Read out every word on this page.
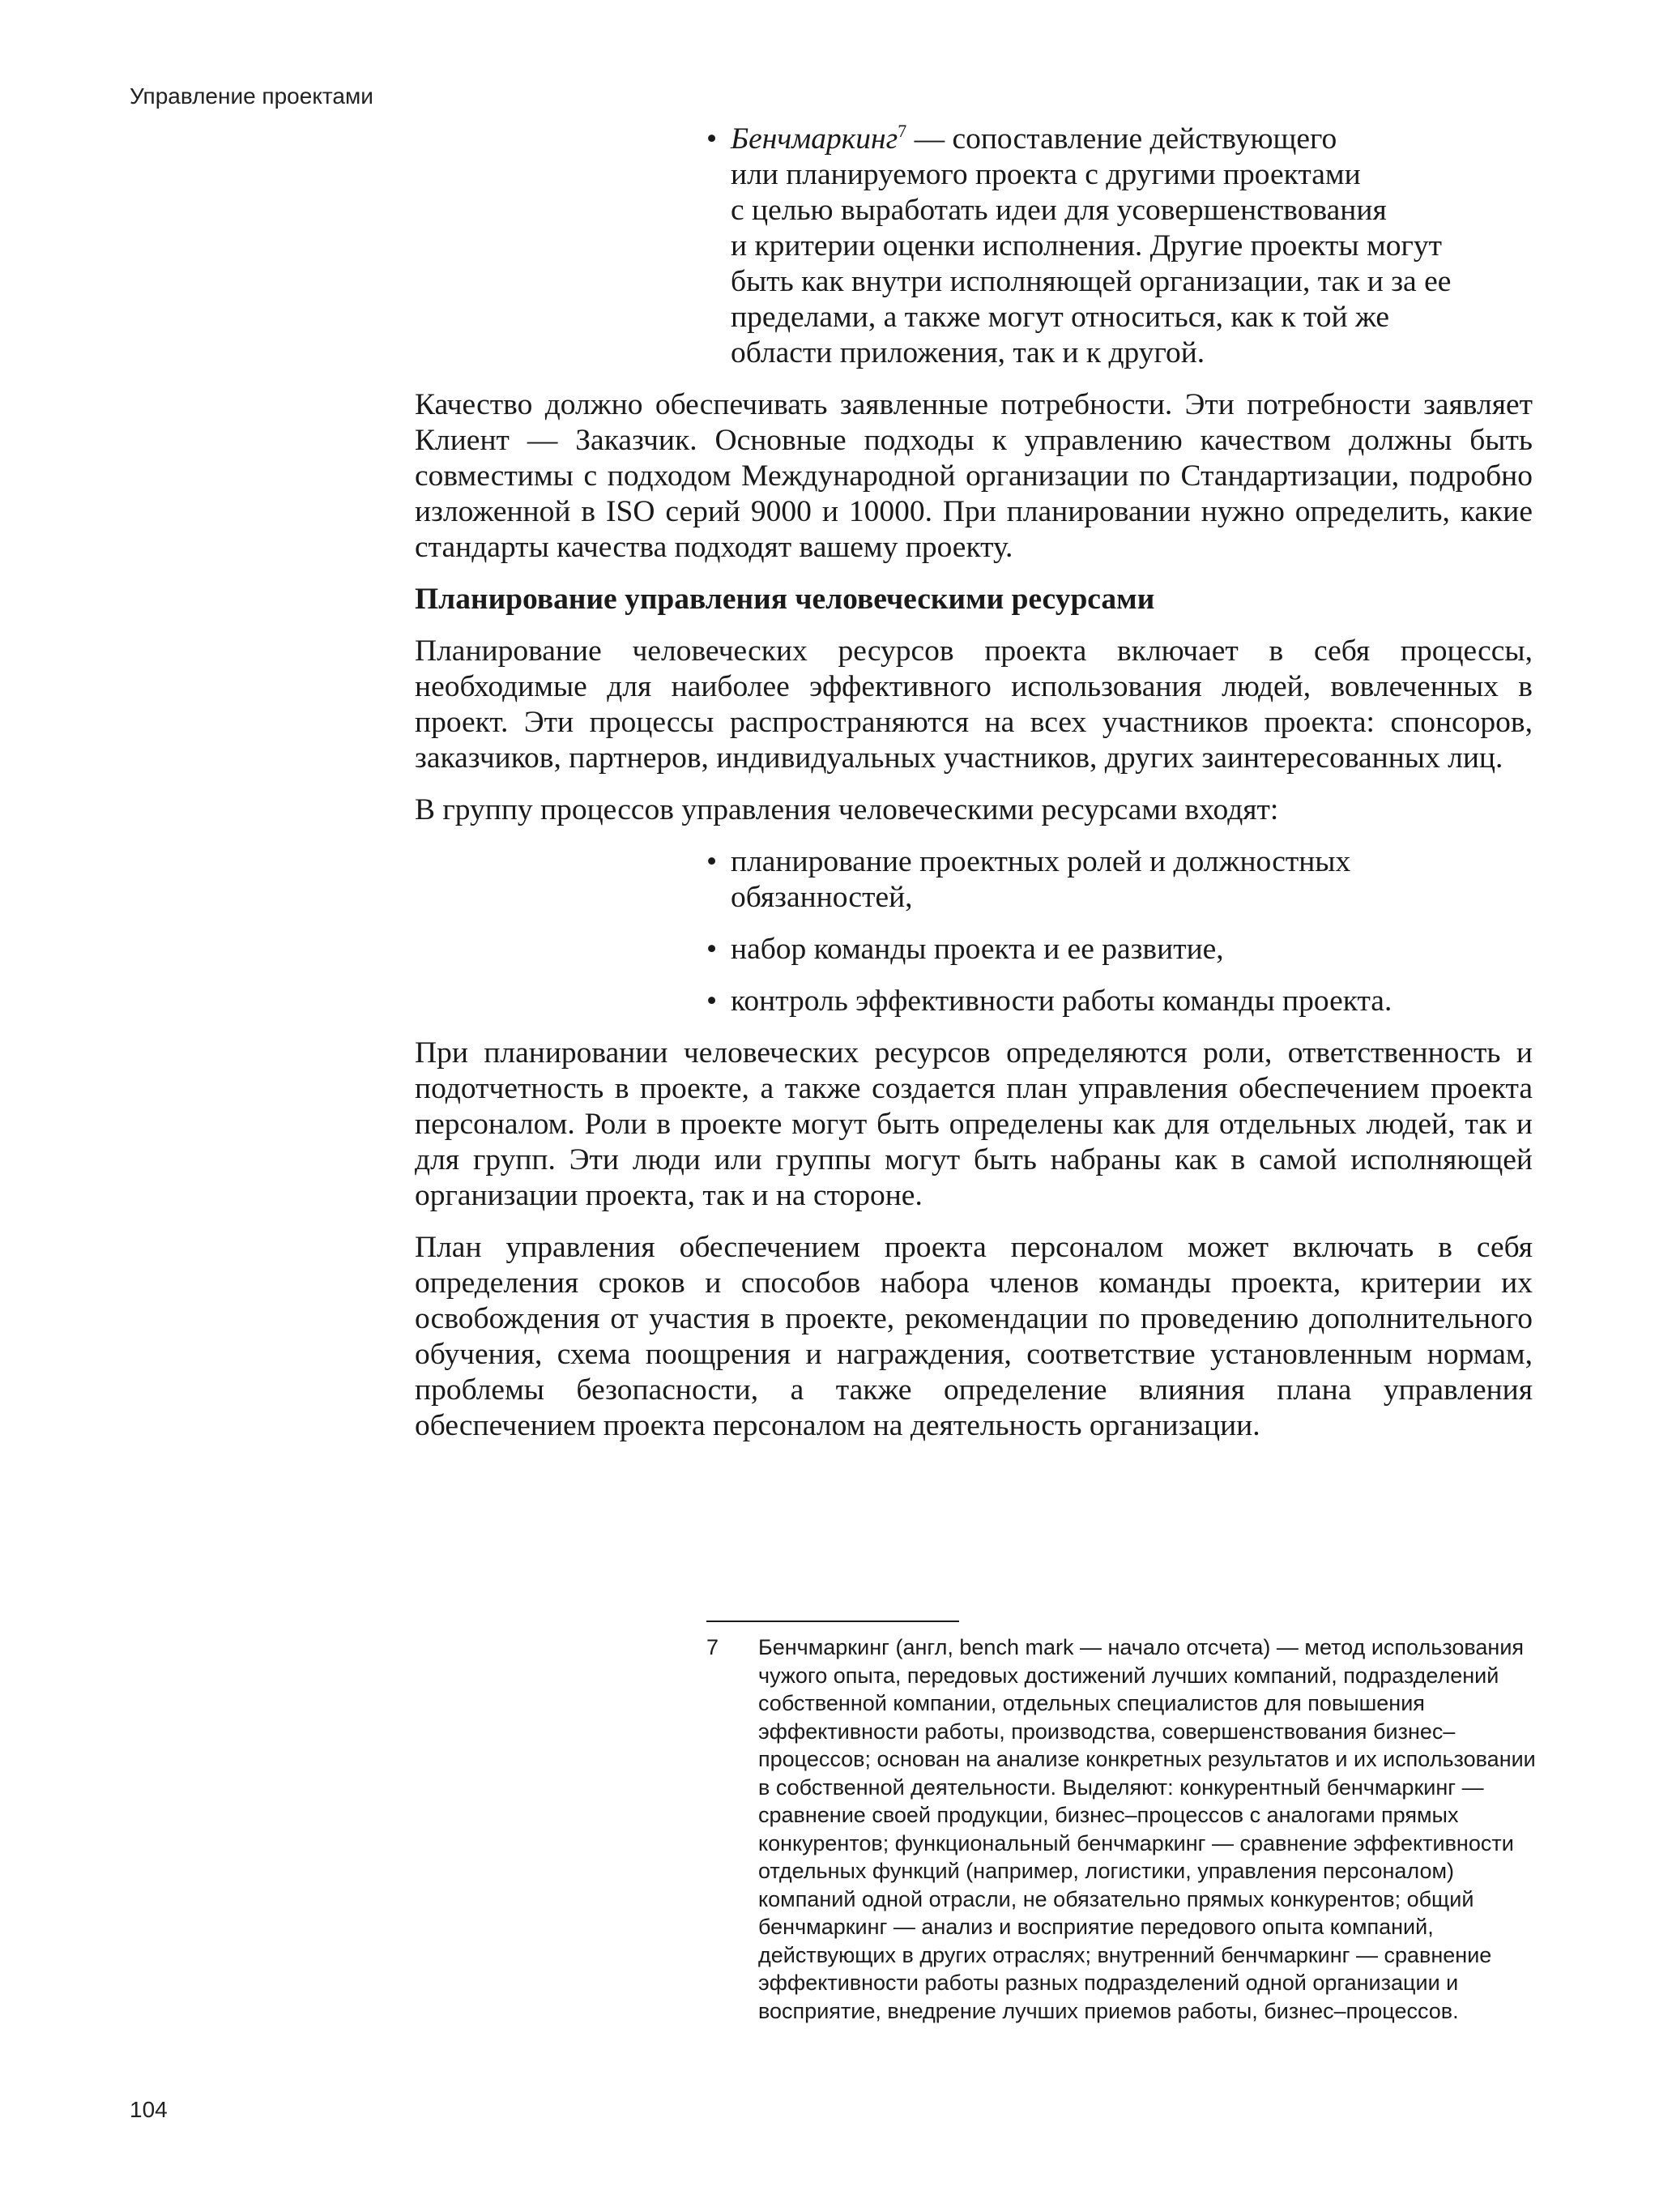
Управление проектами
• Бенчмаркинг$^7$ — сопоставление действующего
или планируемого проекта с другими проектами
с целью выработать идеи для усовершенствования
и критерии оценки исполнения. Другие проекты могут
быть как внутри исполняющей организации, так и за ее
пределами, а также могут относиться, как к той же
области приложения, так и к другой.

Качество должно обеспечивать заявленные потребности. Эти потребности заявляет Клиент — Заказчик. Основные подходы к управлению качеством должны быть совместимы с подходом Международной организации по Стандартизации, подробно изложенной в ISO серий 9000 и 10000. При планировании нужно определить, какие стандарты качества подходят вашему проекту.

Планирование управления человеческими ресурсами

Планирование человеческих ресурсов проекта включает в себя процессы, необходимые для наиболее эффективного использования людей, вовлеченных в проект. Эти процессы распространяются на всех участников проекта: спонсоров, заказчиков, партнеров, индивидуальных участников, других заинтересованных лиц.

В группу процессов управления человеческими ресурсами входят:

• планирование проектных ролей и должностных обязанностей,
• набор команды проекта и ее развитие,
• контроль эффективности работы команды проекта.

При планировании человеческих ресурсов определяются роли, ответственность и подотчетность в проекте, а также создается план управления обеспечением проекта персоналом. Роли в проекте могут быть определены как для отдельных людей, так и для групп. Эти люди или группы могут быть набраны как в самой исполняющей организации проекта, так и на стороне.

План управления обеспечением проекта персоналом может включать в себя определения сроков и способов набора членов команды проекта, критерии их освобождения от участия в проекте, рекомендации по проведению дополнительного обучения, схема поощрения и награждения, соответствие установленным нормам, проблемы безопасности, а также определение влияния плана управления обеспечением проекта персоналом на деятельность организации.

7	Бенчмаркинг (англ, bench mark — начало отсчета) — метод использования чужого опыта, передовых достижений лучших компаний, подразделений собственной компании, отдельных специалистов для повышения эффективности работы, производства, совершенствования бизнес–процессов; основан на анализе конкретных результатов и их использовании в собственной деятельности. Выделяют: конкурентный бенчмаркинг — сравнение своей продукции, бизнес–процессов с аналогами прямых конкурентов; функциональный бенчмаркинг — сравнение эффективности отдельных функций (например, логистики, управления персоналом) компаний одной отрасли, не обязательно прямых конкурентов; общий бенчмаркинг — анализ и восприятие передового опыта компаний, действующих в других отраслях; внутренний бенчмаркинг — сравнение эффективности работы разных подразделений одной организации и восприятие, внедрение лучших приемов работы, бизнес–процессов.
104
